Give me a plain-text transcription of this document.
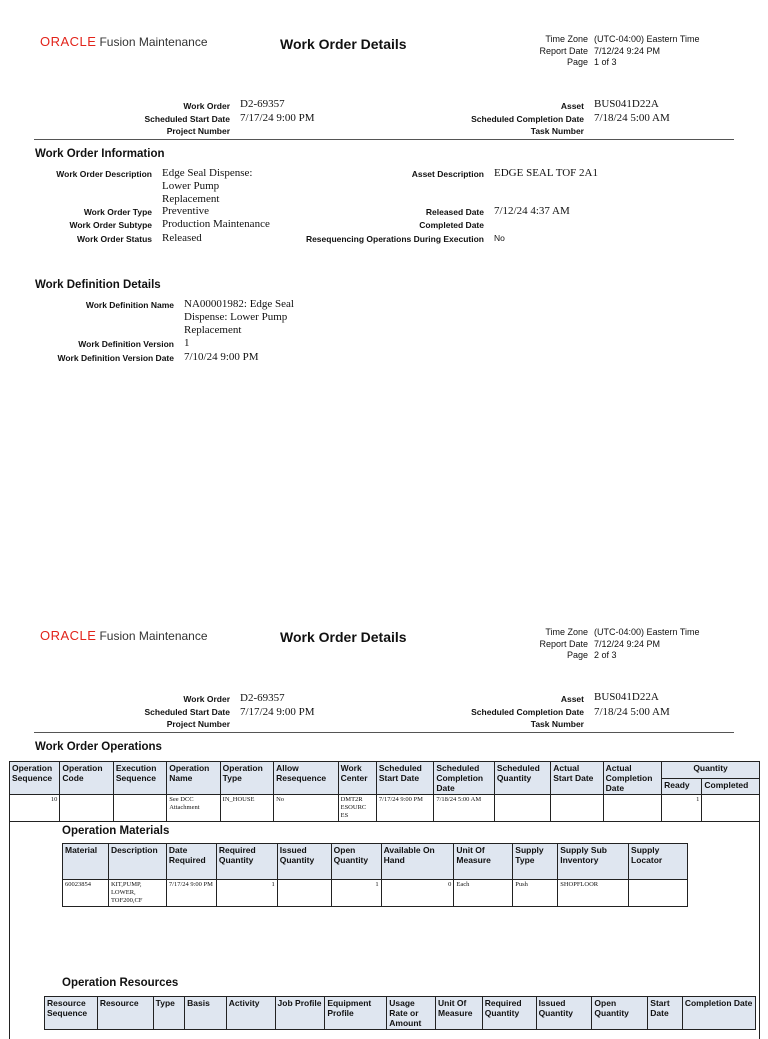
ORACLE Fusion Maintenance	Work Order Details	Time Zone (UTC-04:00) Eastern Time
Report Date 7/12/24 9:24 PM
Page 1 of 3
Work Order D2-69357
Scheduled Start Date 7/17/24 9:00 PM
Project Number
Asset BUS041D22A
Scheduled Completion Date 7/18/24 5:00 AM
Task Number
Work Order Information
Work Order Description Edge Seal Dispense:
Lower Pump
Replacement
Work Order Type Preventive
Work Order Subtype Production Maintenance
Work Order Status Released
Asset Description EDGE SEAL TOF 2A1
Released Date 7/12/24 4:37 AM
Completed Date
Resequencing Operations During Execution No
Work Definition Details
Work Definition Name NA00001982: Edge Seal
Dispense: Lower Pump
Replacement
Work Definition Version 1
Work Definition Version Date 7/10/24 9:00 PM
ORACLE Fusion Maintenance	Work Order Details	Time Zone (UTC-04:00) Eastern Time
Report Date 7/12/24 9:24 PM
Page 2 of 3
Work Order D2-69357
Scheduled Start Date 7/17/24 9:00 PM
Project Number
Asset BUS041D22A
Scheduled Completion Date 7/18/24 5:00 AM
Task Number
Work Order Operations
Operation Sequence	Operation Code	Execution Sequence	Operation Name	Operation Type	Allow Resequence	Work Center	Scheduled Start Date	Scheduled Completion Date	Scheduled Quantity	Actual Start Date	Actual Completion Date	Quantity	
												Ready	Completed
10			See DCC Attachment	IN_HOUSE	No	DMT2R ESOURC ES	7/17/24 9:00 PM	7/18/24 5:00 AM				1	
Operation Materials
Material	Description	Date Required	Required Quantity	Issued Quantity	Open Quantity	Available On Hand	Unit Of Measure	Supply Type	Supply Sub Inventory	Supply Locator
60023854	KIT,PUMP, LOWER, TOF200,CF	7/17/24 9:00 PM	1		1	0	Each	Push	SHOPFLOOR	
Operation Resources
Resource Sequence	Resource	Type	Basis	Activity	Job Profile	Equipment Profile	Usage Rate or Amount	Unit Of Measure	Required Quantity	Issued Quantity	Open Quantity	Start Date	Completion Date
